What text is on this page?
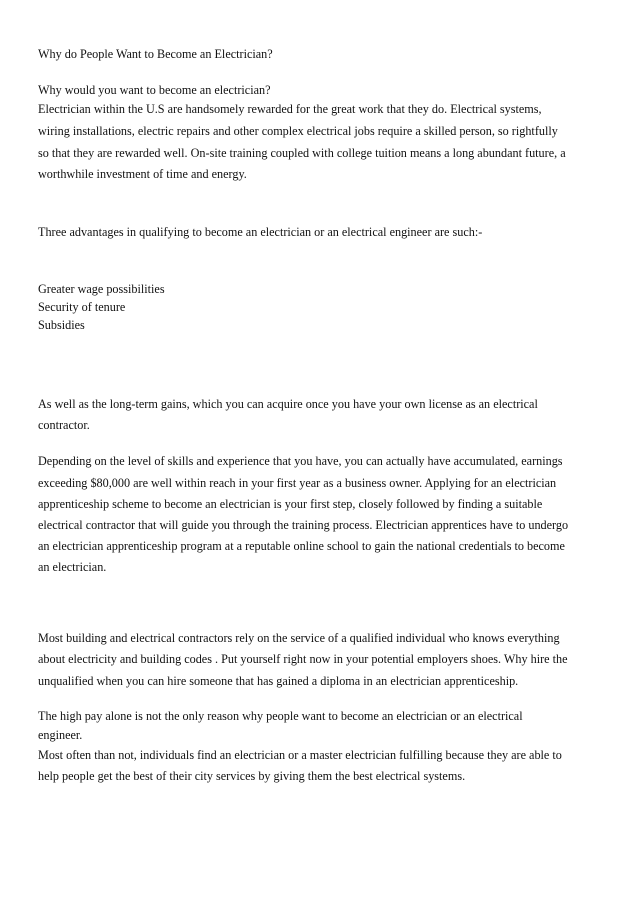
Why do People Want to Become an Electrician?

Why would you want to become an electrician?

Electrician within the U.S are handsomely rewarded for the great work that they do. Electrical systems,

wiring installations, electric repairs and other complex electrical jobs require a skilled person, so rightfully

so that they are rewarded well. On-site training coupled with college tuition means a long abundant future, a

worthwhile investment of time and energy.

Three advantages in qualifying to become an electrician or an electrical engineer are such:-

Greater wage possibilities

Security of tenure

Subsidies

As well as the long-term gains, which you can acquire once you have your own license as an electrical

contractor.

Depending on the level of skills and experience that you have, you can actually have accumulated, earnings

exceeding $80,000 are well within reach in your first year as a business owner. Applying for an electrician

apprenticeship scheme to become an electrician is your first step, closely followed by finding a suitable

electrical contractor that will guide you through the training process. Electrician apprentices have to undergo

an electrician apprenticeship program at a reputable online school to gain the national credentials to become

an electrician.

Most building and electrical contractors rely on the service of a qualified individual who knows everything

about electricity and building codes . Put yourself right now in your potential employers shoes. Why hire the

unqualified when you can hire someone that has gained a diploma in an electrician apprenticeship.

The high pay alone is not the only reason why people want to become an electrician or an electrical

engineer.

Most often than not, individuals find an electrician or a master electrician fulfilling because they are able to

help people get the best of their city services by giving them the best electrical systems.
